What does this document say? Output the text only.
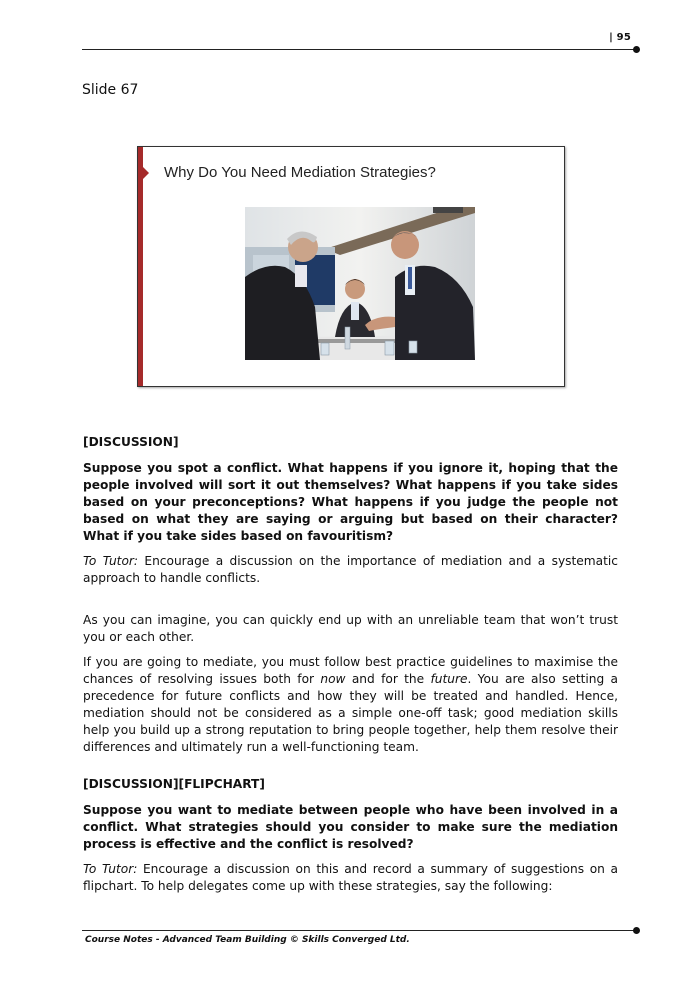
| 95
Slide 67
Why Do You Need Mediation Strategies?

[DISCUSSION]

Suppose you spot a conflict. What happens if you ignore it, hoping that the people involved will sort it out themselves? What happens if you take sides based on your preconceptions? What happens if you judge the people not based on what they are saying or arguing but based on their character? What if you take sides based on favouritism?

To Tutor: Encourage a discussion on the importance of mediation and a systematic approach to handle conflicts.

As you can imagine, you can quickly end up with an unreliable team that won’t trust you or each other.

If you are going to mediate, you must follow best practice guidelines to maximise the chances of resolving issues both for now and for the future. You are also setting a precedence for future conflicts and how they will be treated and handled. Hence, mediation should not be considered as a simple one-off task; good mediation skills help you build up a strong reputation to bring people together, help them resolve their differences and ultimately run a well-functioning team.

[DISCUSSION][FLIPCHART]

Suppose you want to mediate between people who have been involved in a conflict. What strategies should you consider to make sure the mediation process is effective and the conflict is resolved?

To Tutor: Encourage a discussion on this and record a summary of suggestions on a flipchart. To help delegates come up with these strategies, say the following:

Course Notes - Advanced Team Building © Skills Converged Ltd.
